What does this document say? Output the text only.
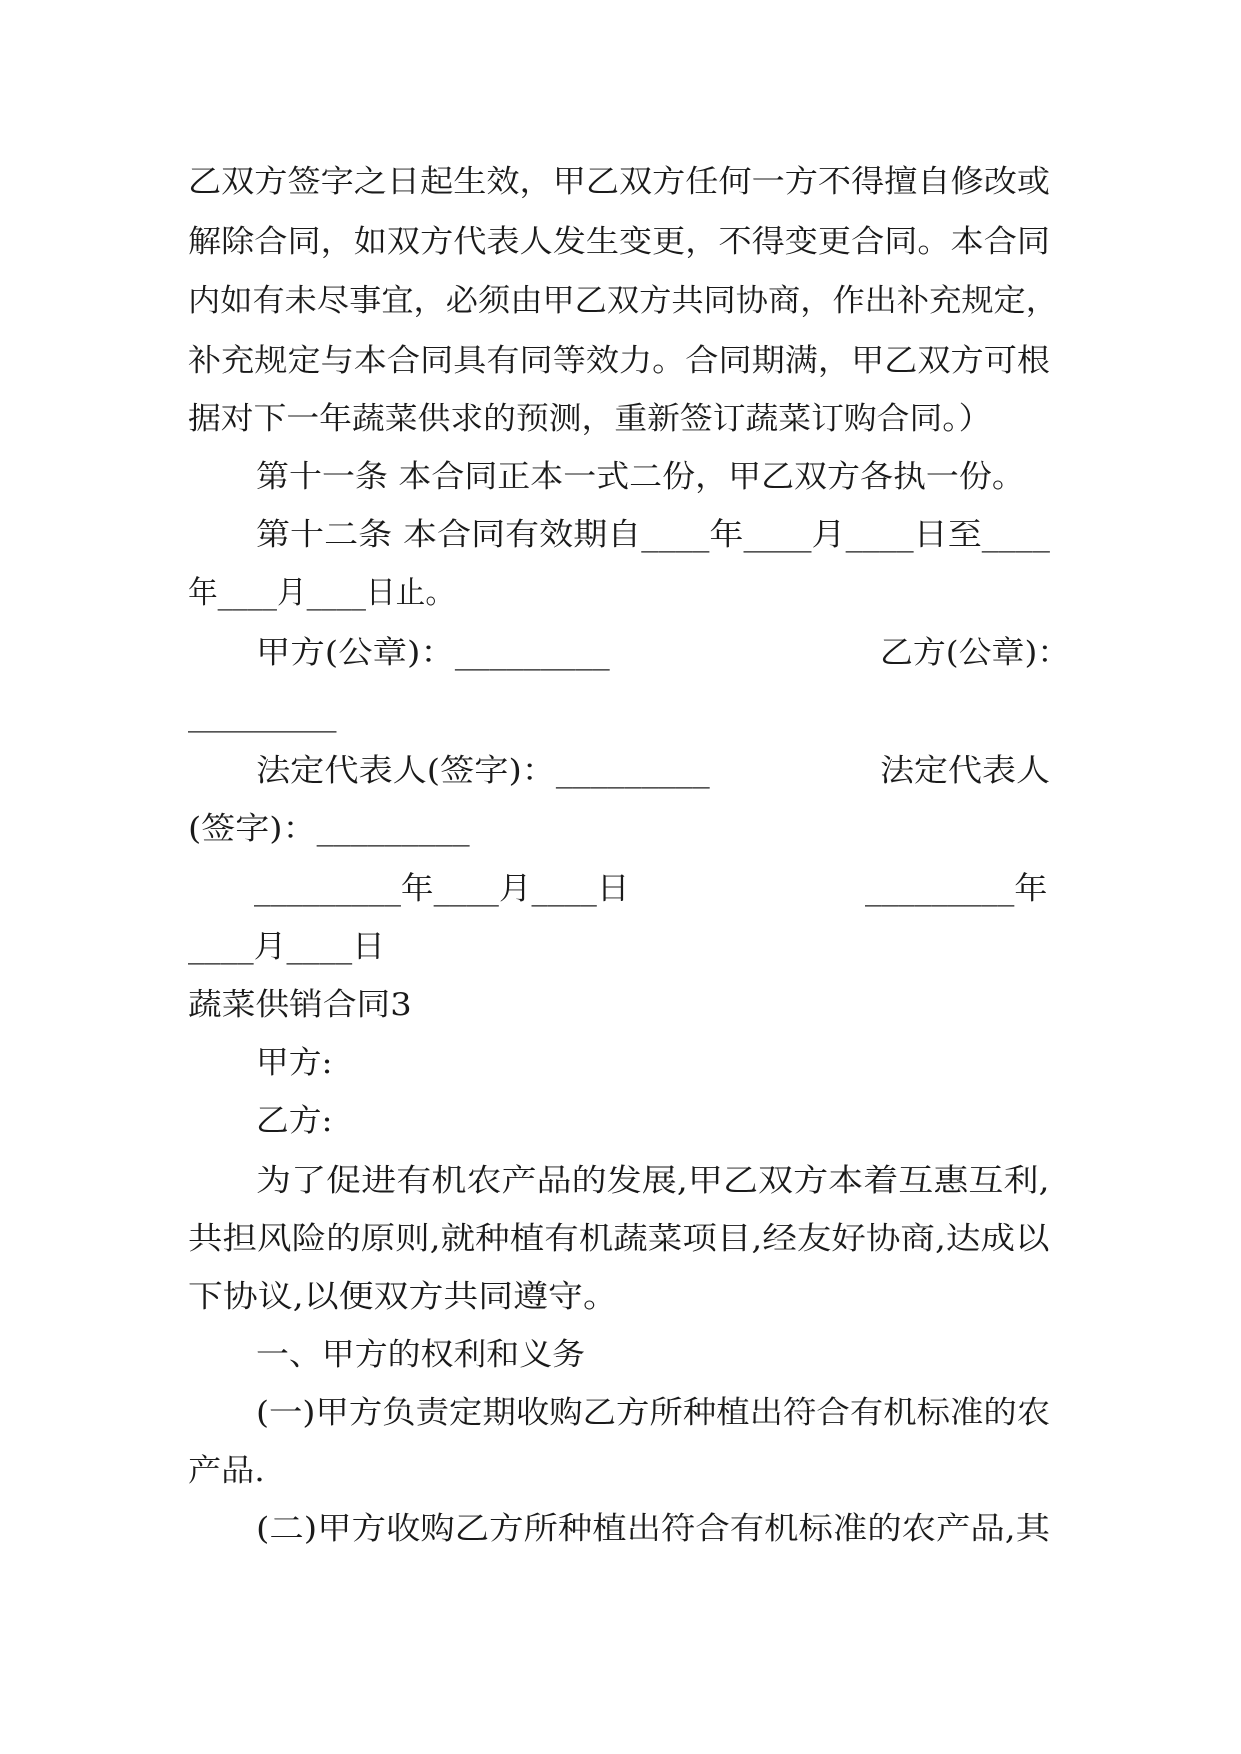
乙双方签字之日起生效，甲乙双方任何一方不得擅自修改或
解除合同，如双方代表人发生变更，不得变更合同。本合同
内如有未尽事宜，必须由甲乙双方共同协商，作出补充规定，
补充规定与本合同具有同等效力。合同期满，甲乙双方可根
据对下一年蔬菜供求的预测，重新签订蔬菜订购合同。）
第十一条 本合同正本一式二份，甲乙双方各执一份。
第十二条 本合同有效期自____年____月____日至____
年____月____日止。
甲方(公章)：_________	乙方(公章)：
_________
法定代表人(签字)：_________	法定代表人
(签字)：_________
_________年____月____日	_________年
____月____日
蔬菜供销合同3
甲方:
乙方:
为了促进有机农产品的发展,甲乙双方本着互惠互利,
共担风险的原则,就种植有机蔬菜项目,经友好协商,达成以
下协议,以便双方共同遵守。
一、甲方的权利和义务
(一)甲方负责定期收购乙方所种植出符合有机标准的农
产品.
(二)甲方收购乙方所种植出符合有机标准的农产品,其
